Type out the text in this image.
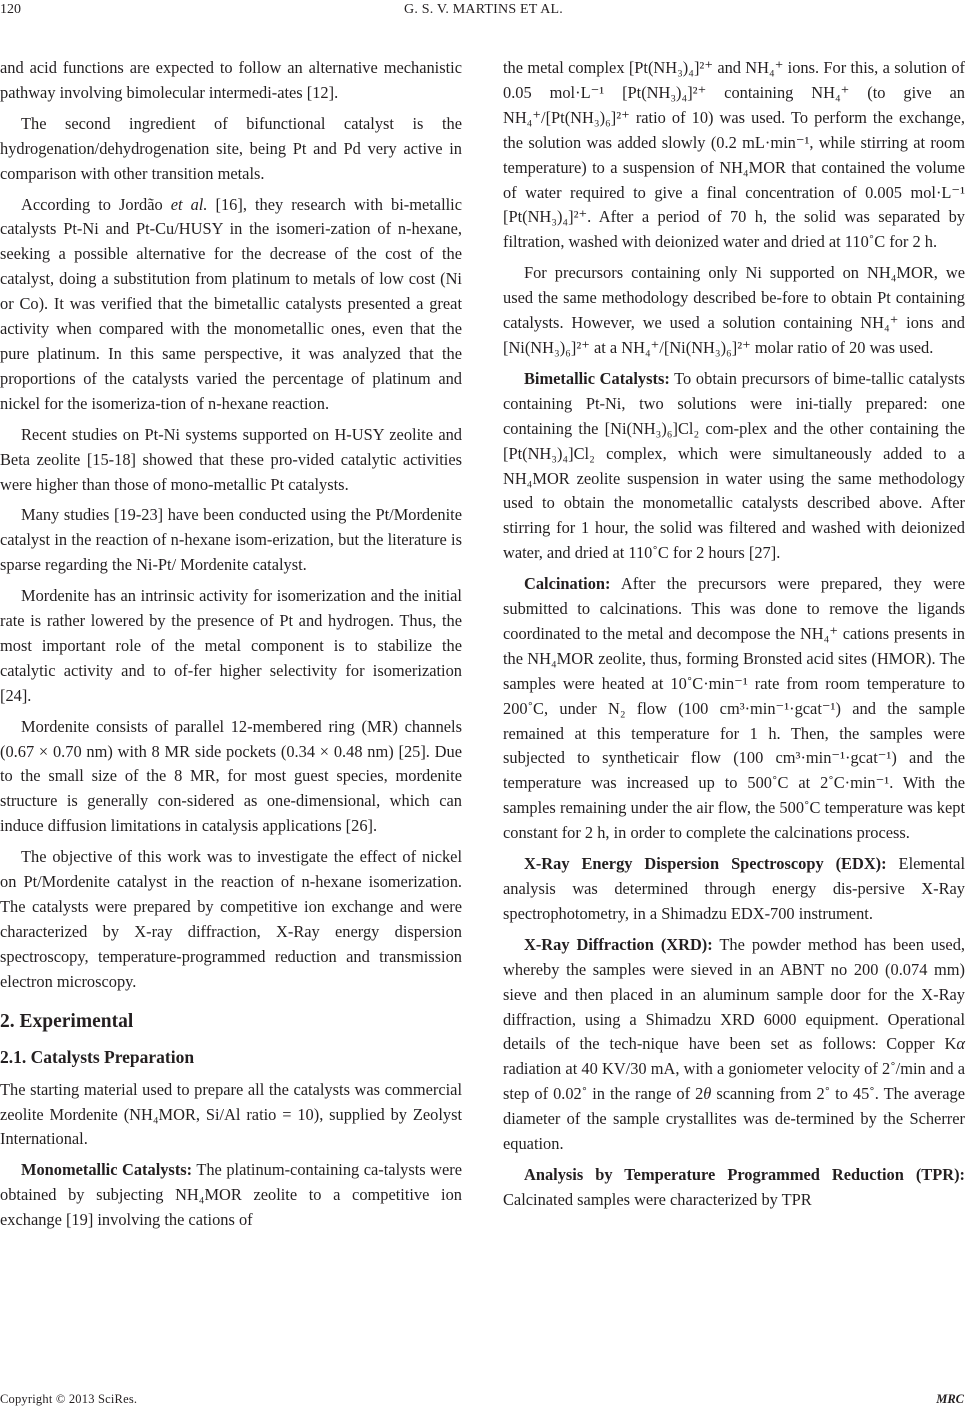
120	G. S. V. MARTINS ET AL.

and acid functions are expected to follow an alternative mechanistic pathway involving bimolecular intermedi-ates [12].

The second ingredient of bifunctional catalyst is the hydrogenation/dehydrogenation site, being Pt and Pd very active in comparison with other transition metals.

According to Jordão et al. [16], they research with bi-metallic catalysts Pt-Ni and Pt-Cu/HUSY in the isomeri-zation of n-hexane, seeking a possible alternative for the decrease of the cost of the catalyst, doing a substitution from platinum to metals of low cost (Ni or Co). It was verified that the bimetallic catalysts presented a great activity when compared with the monometallic ones, even that the pure platinum. In this same perspective, it was analyzed that the proportions of the catalysts varied the percentage of platinum and nickel for the isomeriza-tion of n-hexane reaction.

Recent studies on Pt-Ni systems supported on H-USY zeolite and Beta zeolite [15-18] showed that these pro-vided catalytic activities were higher than those of mono-metallic Pt catalysts.

Many studies [19-23] have been conducted using the Pt/Mordenite catalyst in the reaction of n-hexane isom-erization, but the literature is sparse regarding the Ni-Pt/ Mordenite catalyst.

Mordenite has an intrinsic activity for isomerization and the initial rate is rather lowered by the presence of Pt and hydrogen. Thus, the most important role of the metal component is to stabilize the catalytic activity and to of-fer higher selectivity for isomerization [24].

Mordenite consists of parallel 12-membered ring (MR) channels (0.67 × 0.70 nm) with 8 MR side pockets (0.34 × 0.48 nm) [25]. Due to the small size of the 8 MR, for most guest species, mordenite structure is generally con-sidered as one-dimensional, which can induce diffusion limitations in catalysis applications [26].

The objective of this work was to investigate the effect of nickel on Pt/Mordenite catalyst in the reaction of n-hexane isomerization. The catalysts were prepared by competitive ion exchange and were characterized by X-ray diffraction, X-Ray energy dispersion spectroscopy, temperature-programmed reduction and transmission electron microscopy.

2. Experimental
2.1. Catalysts Preparation

The starting material used to prepare all the catalysts was commercial zeolite Mordenite (NH₄MOR, Si/Al ratio = 10), supplied by Zeolyst International.

Monometallic Catalysts: The platinum-containing ca-talysts were obtained by subjecting NH₄MOR zeolite to a competitive ion exchange [19] involving the cations of

the metal complex [Pt(NH₃)₄]²⁺ and NH₄⁺ ions. For this, a solution of 0.05 mol·L⁻¹ [Pt(NH₃)₄]²⁺ containing NH₄⁺ (to give an NH₄⁺/[Pt(NH₃)₆]²⁺ ratio of 10) was used. To perform the exchange, the solution was added slowly (0.2 mL·min⁻¹, while stirring at room temperature) to a suspension of NH₄MOR that contained the volume of water required to give a final concentration of 0.005 mol·L⁻¹ [Pt(NH₃)₄]²⁺. After a period of 70 h, the solid was separated by filtration, washed with deionized water and dried at 110˚C for 2 h.

For precursors containing only Ni supported on NH₄MOR, we used the same methodology described be-fore to obtain Pt containing catalysts. However, we used a solution containing NH₄⁺ ions and [Ni(NH₃)₆]²⁺ at a NH₄⁺/[Ni(NH₃)₆]²⁺ molar ratio of 20 was used.

Bimetallic Catalysts: To obtain precursors of bime-tallic catalysts containing Pt-Ni, two solutions were ini-tially prepared: one containing the [Ni(NH₃)₆]Cl₂ com-plex and the other containing the [Pt(NH₃)₄]Cl₂ complex, which were simultaneously added to a NH₄MOR zeolite suspension in water using the same methodology used to obtain the monometallic catalysts described above. After stirring for 1 hour, the solid was filtered and washed with deionized water, and dried at 110˚C for 2 hours [27].

Calcination: After the precursors were prepared, they were submitted to calcinations. This was done to remove the ligands coordinated to the metal and decompose the NH₄⁺ cations presents in the NH₄MOR zeolite, thus, forming Bronsted acid sites (HMOR). The samples were heated at 10˚C·min⁻¹ rate from room temperature to 200˚C, under N₂ flow (100 cm³·min⁻¹·gcat⁻¹) and the sample remained at this temperature for 1 h. Then, the samples were subjected to syntheticair flow (100 cm³·min⁻¹·gcat⁻¹) and the temperature was increased up to 500˚C at 2˚C·min⁻¹. With the samples remaining under the air flow, the 500˚C temperature was kept constant for 2 h, in order to complete the calcinations process.

X-Ray Energy Dispersion Spectroscopy (EDX): Elemental analysis was determined through energy dis-persive X-Ray spectrophotometry, in a Shimadzu EDX-700 instrument.

X-Ray Diffraction (XRD): The powder method has been used, whereby the samples were sieved in an ABNT no 200 (0.074 mm) sieve and then placed in an aluminum sample door for the X-Ray diffraction, using a Shimadzu XRD 6000 equipment. Operational details of the tech-nique have been set as follows: Copper Kα radiation at 40 KV/30 mA, with a goniometer velocity of 2˚/min and a step of 0.02˚ in the range of 2θ scanning from 2˚ to 45˚. The average diameter of the sample crystallites was de-termined by the Scherrer equation.

Analysis by Temperature Programmed Reduction (TPR): Calcinated samples were characterized by TPR

Copyright © 2013 SciRes.	MRC
